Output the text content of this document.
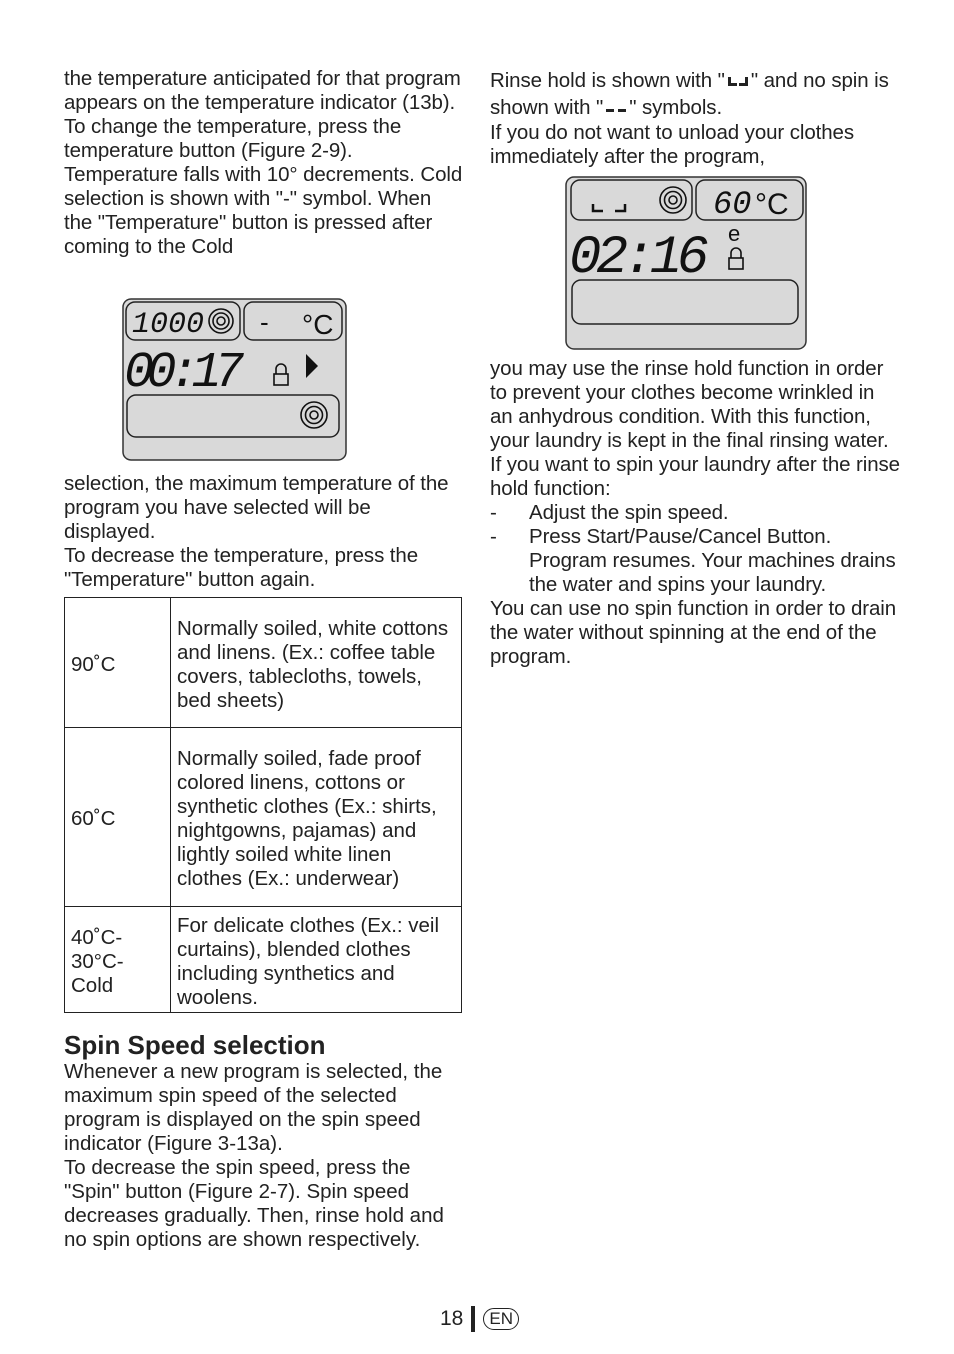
the temperature anticipated for that program appears on the temperature indicator (13b).

To change the temperature, press the temperature button (Figure 2-9). Temperature falls with 10° decrements. Cold selection is shown with "-" symbol. When the "Temperature" button is pressed after coming to the Cold

1000 - °C
00:17

selection, the maximum temperature of the program you have selected will be displayed.

To decrease the temperature, press the "Temperature" button again.

90˚C	Normally soiled, white cottons and linens. (Ex.: coffee table covers, tablecloths, towels, bed sheets)
60˚C	Normally soiled, fade proof colored linens, cottons or synthetic clothes (Ex.: shirts, nightgowns, pajamas) and lightly soiled white linen clothes (Ex.: underwear)
40˚C-30°C-Cold	For delicate clothes (Ex.: veil curtains), blended clothes including synthetics and woolens.
Spin Speed selection

Whenever a new program is selected, the maximum spin speed of the selected program is displayed on the spin speed indicator (Figure 3-13a).

To decrease the spin speed, press the "Spin" button (Figure 2-7). Spin speed decreases gradually. Then, rinse hold and no spin options are shown respectively.

Rinse hold is shown with " " and no spin is shown with " " symbols.

If you do not want to unload your clothes immediately after the program,

60 °C
02:16 e

you may use the rinse hold function in order to prevent your clothes become wrinkled in an anhydrous condition. With this function, your laundry is kept in the final rinsing water. If you want to spin your laundry after the rinse hold function:

-	Adjust the spin speed.
-	Press Start/Pause/Cancel Button. Program resumes. Your machines drains the water and spins your laundry.

You can use no spin function in order to drain the water without spinning at the end of the program.

18	EN
